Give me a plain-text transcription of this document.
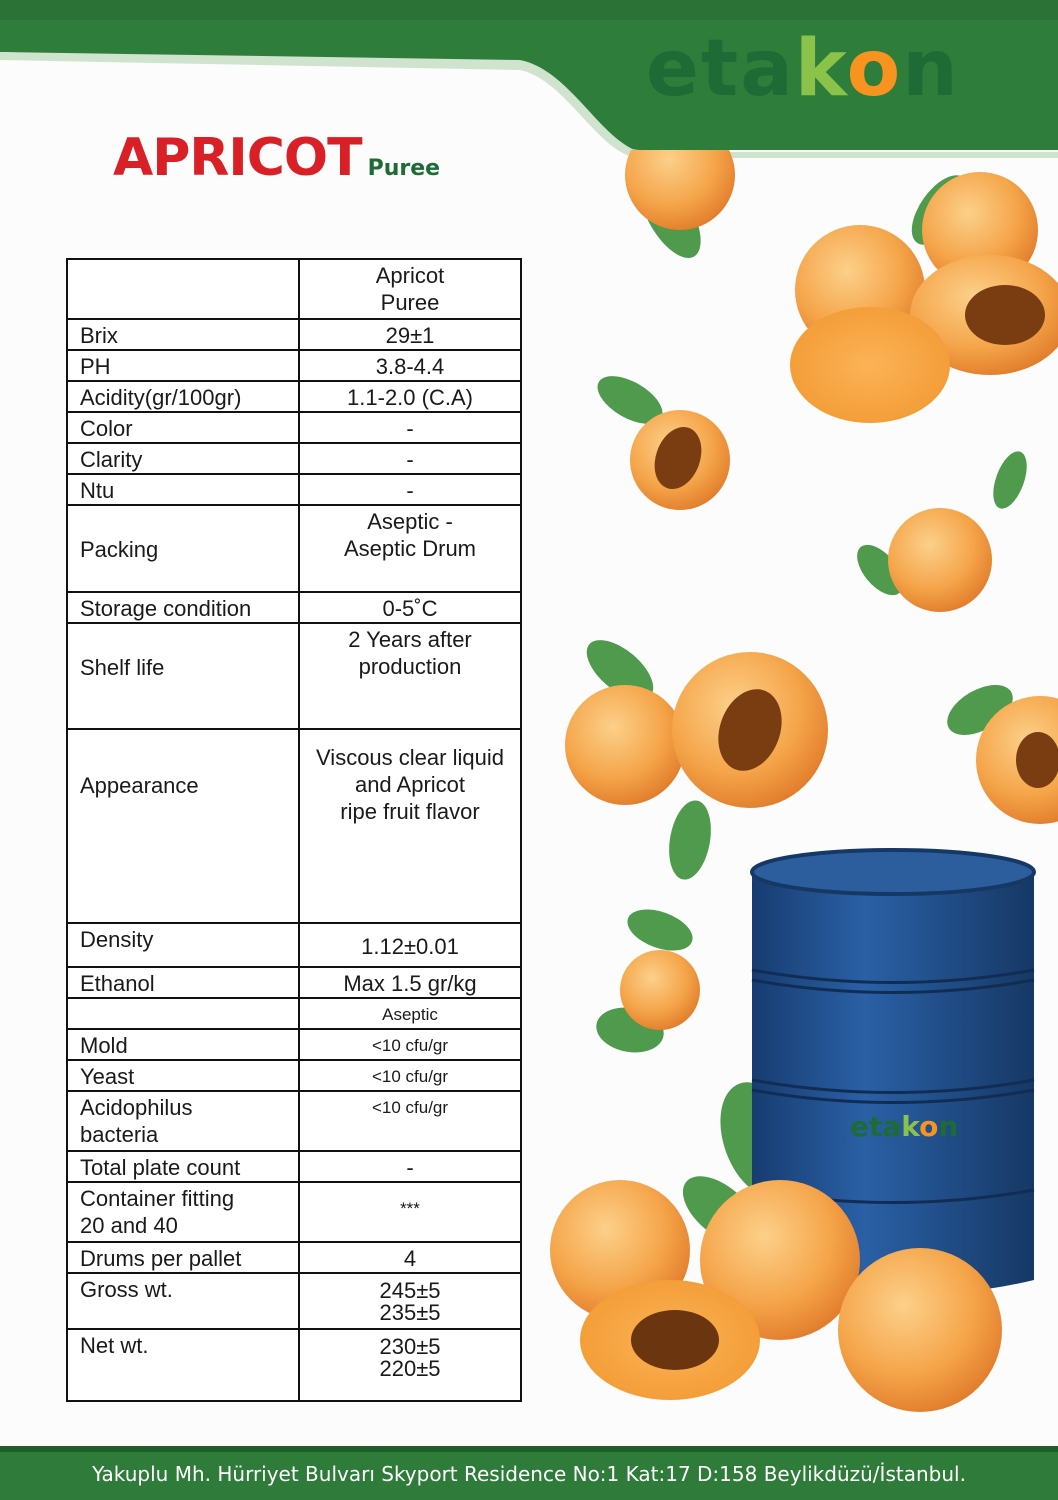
etakon
APRICOT Puree
etakon
	Apricot
Puree
Brix	29±1
PH	3.8-4.4
Acidity(gr/100gr)	1.1-2.0 (C.A)
Color	-
Clarity	-
Ntu	-
Packing	Aseptic -
Aseptic Drum
Storage condition	0-5˚C
Shelf life	2 Years after
production
Appearance	Viscous clear liquid
and Apricot
ripe fruit flavor
Density	1.12±0.01
Ethanol	Max 1.5 gr/kg
	Aseptic
Mold	<10 cfu/gr
Yeast	<10 cfu/gr
Acidophilus
bacteria	<10 cfu/gr
Total plate count	-
Container fitting
20 and 40	***
Drums per pallet	4
Gross wt.	245±5
235±5
Net wt.	230±5
220±5
Yakuplu Mh. Hürriyet Bulvarı Skyport Residence No:1 Kat:17 D:158 Beylikdüzü/İstanbul.
